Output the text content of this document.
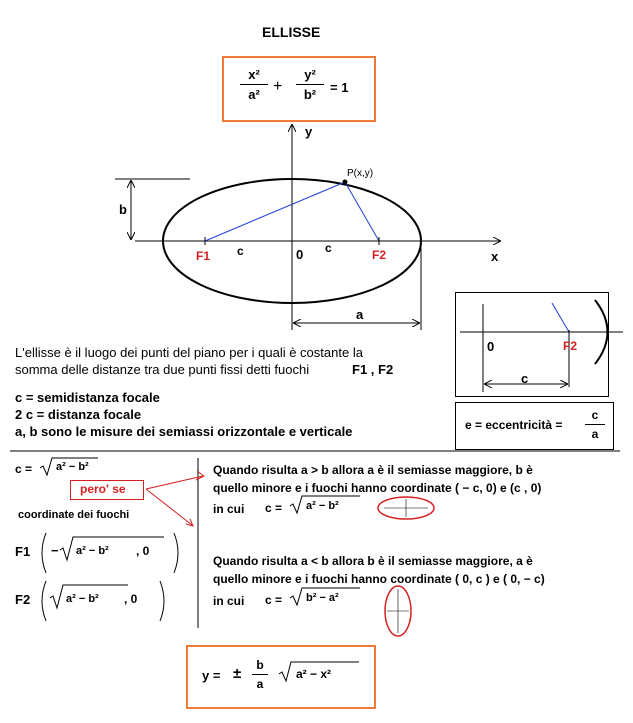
ELLISSE
x²
a² +
y²
b²	= 1
y
x
P(x,y)
F1	F2
0
c	c
b
a
0	F2
c
e = eccentricità =
c
a
L'ellisse è il luogo dei punti del piano per i quali è costante la
somma delle distanze tra due punti fissi detti fuochi	F1 , F2
c = semidistanza focale
2 c = distanza focale
a, b sono le misure dei semiassi orizzontale e verticale
c = a² − b²
pero' se
coordinate dei fuochi
F1 − a² − b² , 0
F2	a² − b² , 0
Quando risulta a > b allora a è il semiasse maggiore, b è
quello minore e i fuochi hanno coordinate ( − c, 0) e (c , 0)
in cui c = a² − b²
Quando risulta a < b allora b è il semiasse maggiore, a è
quello minore e i fuochi hanno coordinate ( 0, c ) e ( 0, − c)
in cui c = b² − a²
y = ±	b
a
a² − x²
